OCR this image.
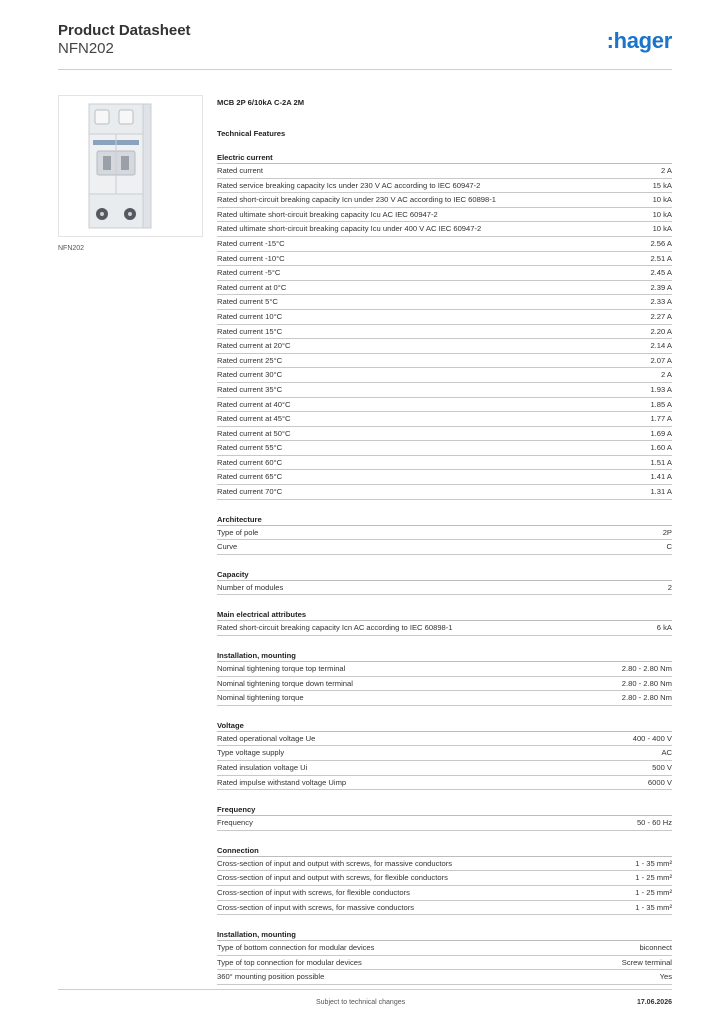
Product Datasheet
NFN202	:hager
NFN202
MCB 2P 6/10kA C-2A 2M
Technical Features
Electric current
Rated current	2 A
Rated service breaking capacity Ics under 230 V AC according to IEC 60947-2	15 kA
Rated short-circuit breaking capacity Icn under 230 V AC according to IEC 60898-1	10 kA
Rated ultimate short-circuit breaking capacity Icu AC IEC 60947-2	10 kA
Rated ultimate short-circuit breaking capacity Icu under 400 V AC IEC 60947-2	10 kA
Rated current -15°C	2.56 A
Rated current -10°C	2.51 A
Rated current -5°C	2.45 A
Rated current at 0°C	2.39 A
Rated current 5°C	2.33 A
Rated current 10°C	2.27 A
Rated current 15°C	2.20 A
Rated current at 20°C	2.14 A
Rated current 25°C	2.07 A
Rated current 30°C	2 A
Rated current 35°C	1.93 A
Rated current at 40°C	1.85 A
Rated current at 45°C	1.77 A
Rated current at 50°C	1.69 A
Rated current 55°C	1.60 A
Rated current 60°C	1.51 A
Rated current 65°C	1.41 A
Rated current 70°C	1.31 A
Architecture
Type of pole	2P
Curve	C
Capacity
Number of modules	2
Main electrical attributes
Rated short-circuit breaking capacity Icn AC according to IEC 60898-1	6 kA
Installation, mounting
Nominal tightening torque top terminal	2.80 - 2.80 Nm
Nominal tightening torque down terminal	2.80 - 2.80 Nm
Nominal tightening torque	2.80 - 2.80 Nm
Voltage
Rated operational voltage Ue	400 - 400 V
Type voltage supply	AC
Rated insulation voltage Ui	500 V
Rated impulse withstand voltage Uimp	6000 V
Frequency
Frequency	50 - 60 Hz
Connection
Cross-section of input and output with screws, for massive conductors	1 - 35 mm²
Cross-section of input and output with screws, for flexible conductors	1 - 25 mm²
Cross-section of input with screws, for flexible conductors	1 - 25 mm²
Cross-section of input with screws, for massive conductors	1 - 35 mm²
Installation, mounting
Type of bottom connection for modular devices	biconnect
Type of top connection for modular devices	Screw terminal
360° mounting position possible	Yes
Subject to technical changes	17.06.2026
